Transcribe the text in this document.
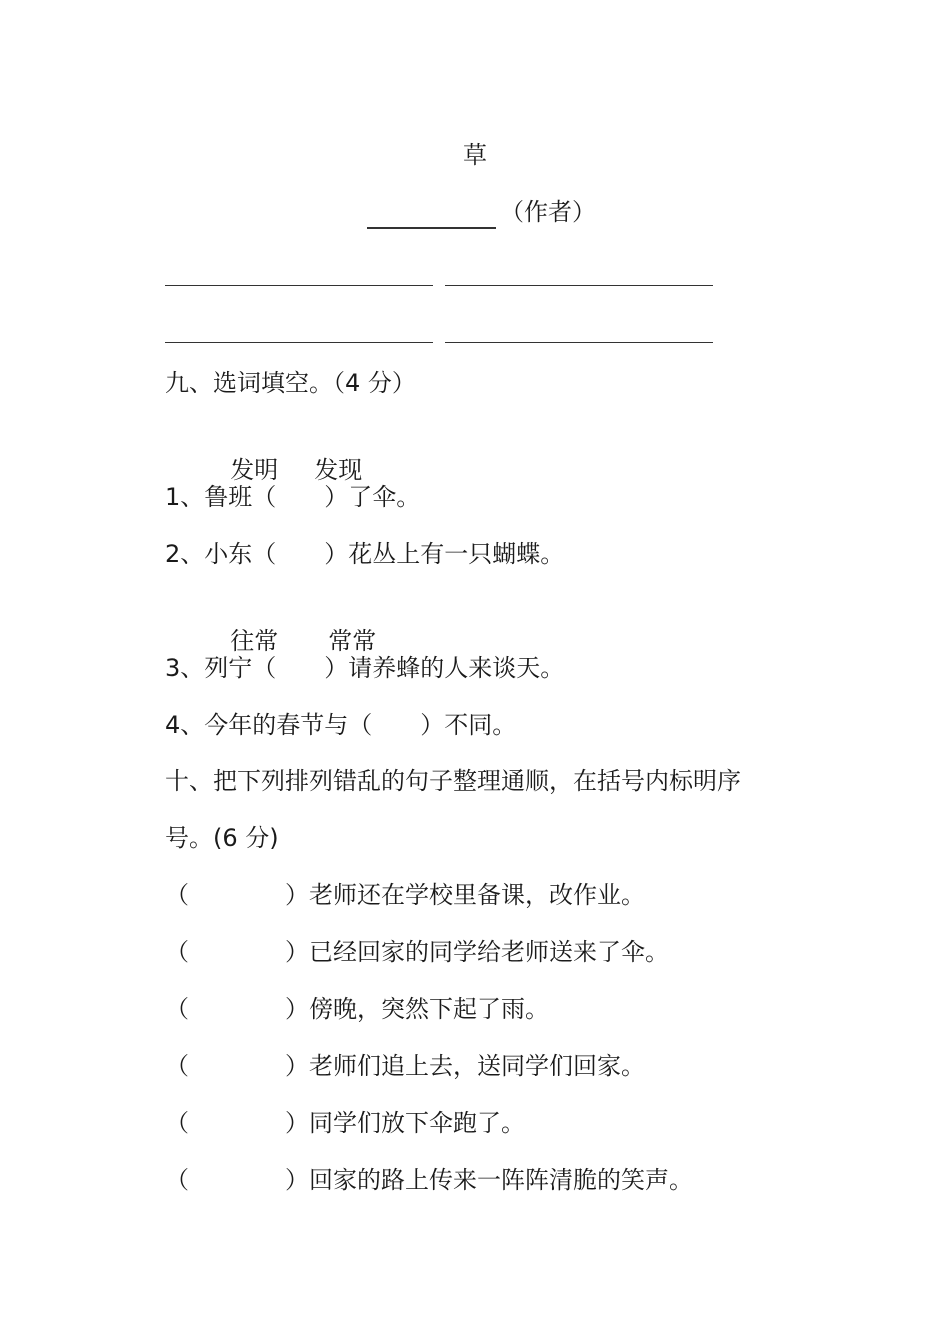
草
（作者）
九、选词填空。（4 分）

发明 发现

1、鲁班（　　）了伞。
2、小东（　　）花丛上有一只蝴蝶。

往常 常常

3、列宁（　　）请养蜂的人来谈天。
4、今年的春节与（　　）不同。
十、把下列排列错乱的句子整理通顺，在括号内标明序
号。(6 分)
（　　　　）老师还在学校里备课，改作业。
（　　　　）已经回家的同学给老师送来了伞。
（　　　　）傍晚，突然下起了雨。
（　　　　）老师们追上去，送同学们回家。
（　　　　）同学们放下伞跑了。
（　　　　）回家的路上传来一阵阵清脆的笑声。
